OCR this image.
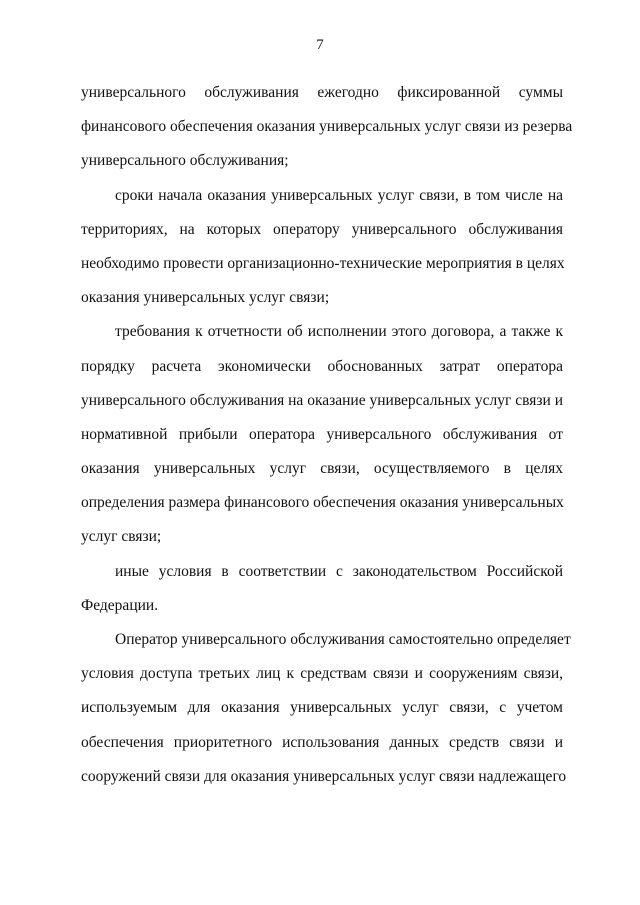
7
универсального обслуживания ежегодно фиксированной суммы
финансового обеспечения оказания универсальных услуг связи из резерва
универсального обслуживания;
сроки начала оказания универсальных услуг связи, в том числе на
территориях, на которых оператору универсального обслуживания
необходимо провести организационно-технические мероприятия в целях
оказания универсальных услуг связи;
требования к отчетности об исполнении этого договора, а также к
порядку расчета экономически обоснованных затрат оператора
универсального обслуживания на оказание универсальных услуг связи и
нормативной прибыли оператора универсального обслуживания от
оказания универсальных услуг связи, осуществляемого в целях
определения размера финансового обеспечения оказания универсальных
услуг связи;
иные условия в соответствии с законодательством Российской
Федерации.
Оператор универсального обслуживания самостоятельно определяет
условия доступа третьих лиц к средствам связи и сооружениям связи,
используемым для оказания универсальных услуг связи, с учетом
обеспечения приоритетного использования данных средств связи и
сооружений связи для оказания универсальных услуг связи надлежащего
